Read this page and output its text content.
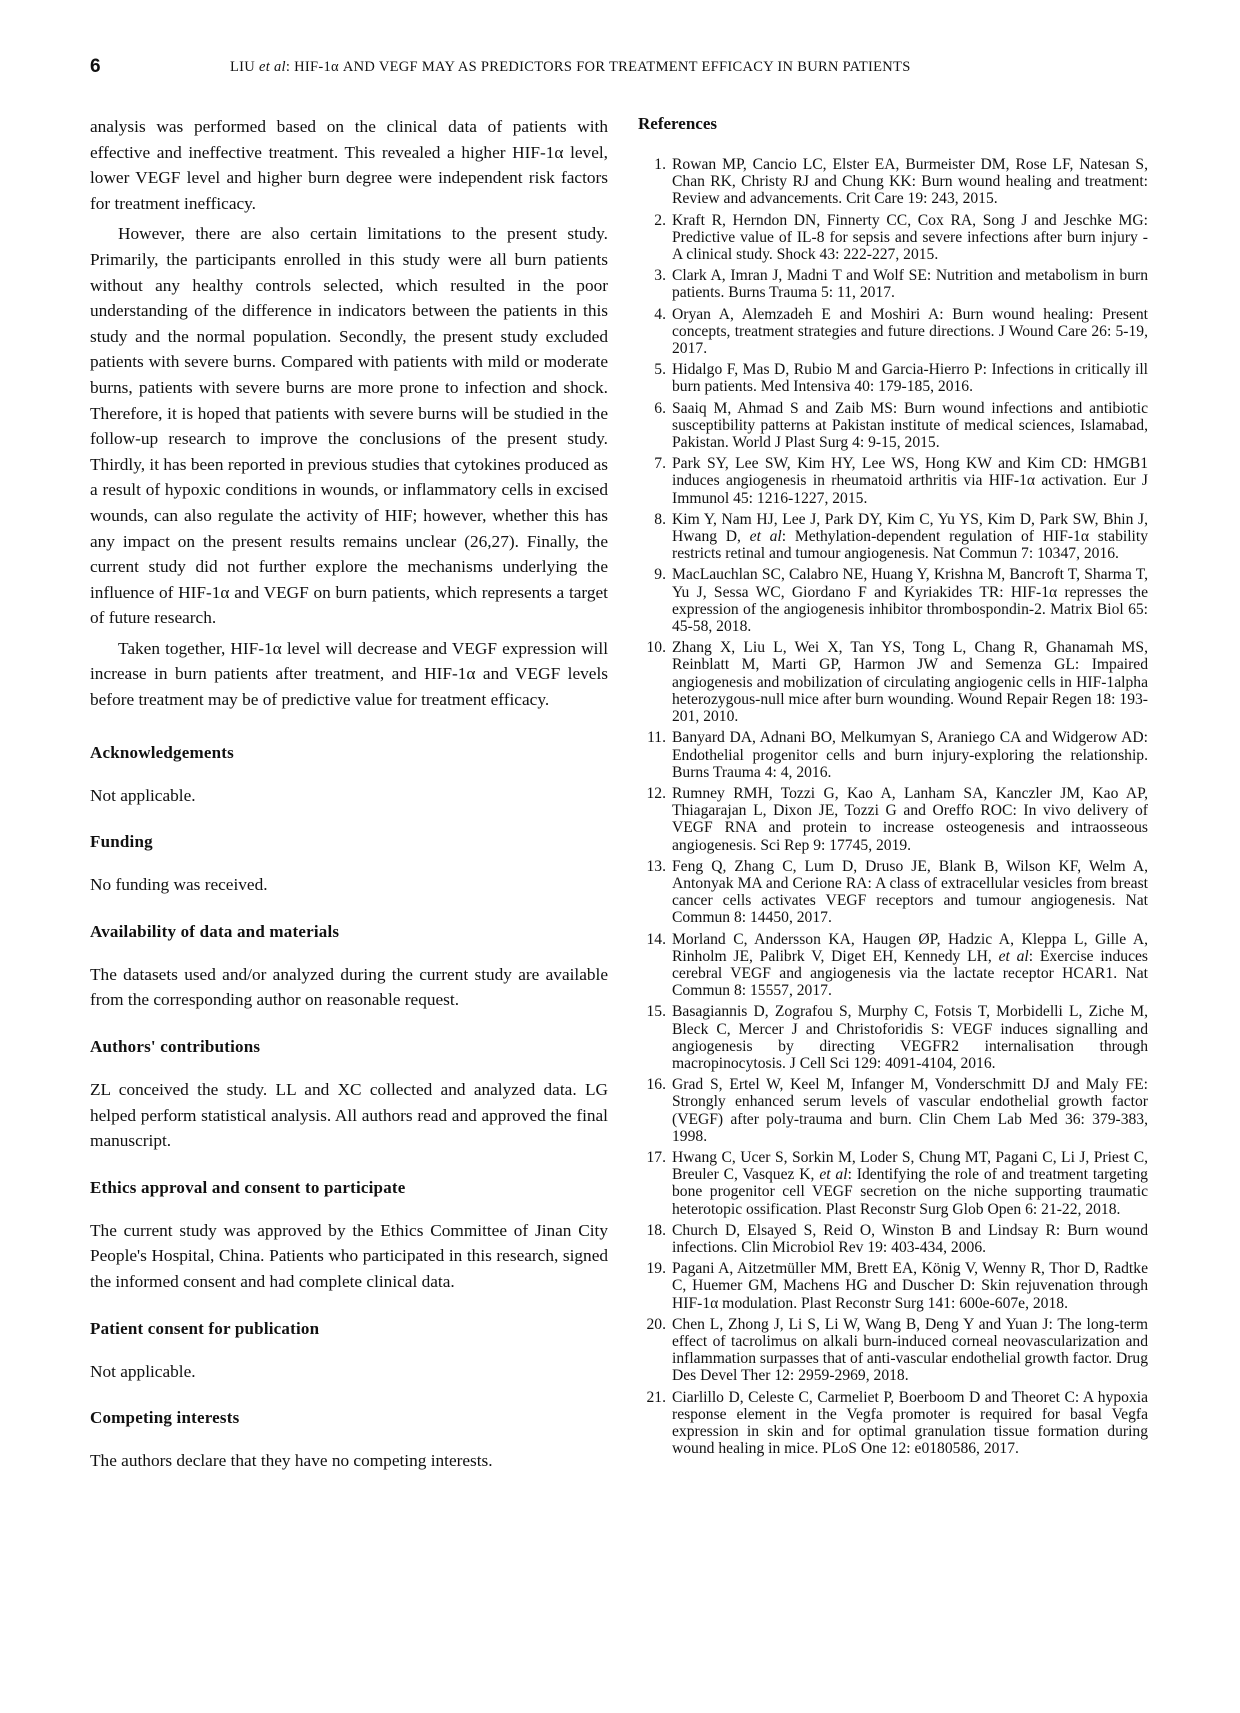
6	LIU et al: HIF-1α AND VEGF MAY AS PREDICTORS FOR TREATMENT EFFICACY IN BURN PATIENTS

analysis was performed based on the clinical data of patients with effective and ineffective treatment. This revealed a higher HIF-1α level, lower VEGF level and higher burn degree were independent risk factors for treatment inefficacy.

However, there are also certain limitations to the present study. Primarily, the participants enrolled in this study were all burn patients without any healthy controls selected, which resulted in the poor understanding of the difference in indicators between the patients in this study and the normal population. Secondly, the present study excluded patients with severe burns. Compared with patients with mild or moderate burns, patients with severe burns are more prone to infection and shock. Therefore, it is hoped that patients with severe burns will be studied in the follow-up research to improve the conclusions of the present study. Thirdly, it has been reported in previous studies that cytokines produced as a result of hypoxic conditions in wounds, or inflammatory cells in excised wounds, can also regulate the activity of HIF; however, whether this has any impact on the present results remains unclear (26,27). Finally, the current study did not further explore the mechanisms underlying the influence of HIF-1α and VEGF on burn patients, which represents a target of future research.

Taken together, HIF-1α level will decrease and VEGF expression will increase in burn patients after treatment, and HIF-1α and VEGF levels before treatment may be of predictive value for treatment efficacy.

Acknowledgements

Not applicable.

Funding

No funding was received.

Availability of data and materials

The datasets used and/or analyzed during the current study are available from the corresponding author on reasonable request.

Authors' contributions

ZL conceived the study. LL and XC collected and analyzed data. LG helped perform statistical analysis. All authors read and approved the final manuscript.

Ethics approval and consent to participate

The current study was approved by the Ethics Committee of Jinan City People's Hospital, China. Patients who participated in this research, signed the informed consent and had complete clinical data.

Patient consent for publication

Not applicable.

Competing interests

The authors declare that they have no competing interests.

References

1. Rowan MP, Cancio LC, Elster EA, Burmeister DM, Rose LF, Natesan S, Chan RK, Christy RJ and Chung KK: Burn wound healing and treatment: Review and advancements. Crit Care 19: 243, 2015.
2. Kraft R, Herndon DN, Finnerty CC, Cox RA, Song J and Jeschke MG: Predictive value of IL-8 for sepsis and severe infections after burn injury - A clinical study. Shock 43: 222-227, 2015.
3. Clark A, Imran J, Madni T and Wolf SE: Nutrition and metabolism in burn patients. Burns Trauma 5: 11, 2017.
4. Oryan A, Alemzadeh E and Moshiri A: Burn wound healing: Present concepts, treatment strategies and future directions. J Wound Care 26: 5-19, 2017.
5. Hidalgo F, Mas D, Rubio M and Garcia-Hierro P: Infections in critically ill burn patients. Med Intensiva 40: 179-185, 2016.
6. Saaiq M, Ahmad S and Zaib MS: Burn wound infections and antibiotic susceptibility patterns at Pakistan institute of medical sciences, Islamabad, Pakistan. World J Plast Surg 4: 9-15, 2015.
7. Park SY, Lee SW, Kim HY, Lee WS, Hong KW and Kim CD: HMGB1 induces angiogenesis in rheumatoid arthritis via HIF-1α activation. Eur J Immunol 45: 1216-1227, 2015.
8. Kim Y, Nam HJ, Lee J, Park DY, Kim C, Yu YS, Kim D, Park SW, Bhin J, Hwang D, et al: Methylation-dependent regulation of HIF-1α stability restricts retinal and tumour angiogenesis. Nat Commun 7: 10347, 2016.
9. MacLauchlan SC, Calabro NE, Huang Y, Krishna M, Bancroft T, Sharma T, Yu J, Sessa WC, Giordano F and Kyriakides TR: HIF-1α represses the expression of the angiogenesis inhibitor thrombospondin-2. Matrix Biol 65: 45-58, 2018.
10. Zhang X, Liu L, Wei X, Tan YS, Tong L, Chang R, Ghanamah MS, Reinblatt M, Marti GP, Harmon JW and Semenza GL: Impaired angiogenesis and mobilization of circulating angiogenic cells in HIF-1alpha heterozygous-null mice after burn wounding. Wound Repair Regen 18: 193-201, 2010.
11. Banyard DA, Adnani BO, Melkumyan S, Araniego CA and Widgerow AD: Endothelial progenitor cells and burn injury-exploring the relationship. Burns Trauma 4: 4, 2016.
12. Rumney RMH, Tozzi G, Kao A, Lanham SA, Kanczler JM, Kao AP, Thiagarajan L, Dixon JE, Tozzi G and Oreffo ROC: In vivo delivery of VEGF RNA and protein to increase osteogenesis and intraosseous angiogenesis. Sci Rep 9: 17745, 2019.
13. Feng Q, Zhang C, Lum D, Druso JE, Blank B, Wilson KF, Welm A, Antonyak MA and Cerione RA: A class of extracellular vesicles from breast cancer cells activates VEGF receptors and tumour angiogenesis. Nat Commun 8: 14450, 2017.
14. Morland C, Andersson KA, Haugen ØP, Hadzic A, Kleppa L, Gille A, Rinholm JE, Palibrk V, Diget EH, Kennedy LH, et al: Exercise induces cerebral VEGF and angiogenesis via the lactate receptor HCAR1. Nat Commun 8: 15557, 2017.
15. Basagiannis D, Zografou S, Murphy C, Fotsis T, Morbidelli L, Ziche M, Bleck C, Mercer J and Christoforidis S: VEGF induces signalling and angiogenesis by directing VEGFR2 internalisation through macropinocytosis. J Cell Sci 129: 4091-4104, 2016.
16. Grad S, Ertel W, Keel M, Infanger M, Vonderschmitt DJ and Maly FE: Strongly enhanced serum levels of vascular endothelial growth factor (VEGF) after poly-trauma and burn. Clin Chem Lab Med 36: 379-383, 1998.
17. Hwang C, Ucer S, Sorkin M, Loder S, Chung MT, Pagani C, Li J, Priest C, Breuler C, Vasquez K, et al: Identifying the role of and treatment targeting bone progenitor cell VEGF secretion on the niche supporting traumatic heterotopic ossification. Plast Reconstr Surg Glob Open 6: 21-22, 2018.
18. Church D, Elsayed S, Reid O, Winston B and Lindsay R: Burn wound infections. Clin Microbiol Rev 19: 403-434, 2006.
19. Pagani A, Aitzetmüller MM, Brett EA, König V, Wenny R, Thor D, Radtke C, Huemer GM, Machens HG and Duscher D: Skin rejuvenation through HIF-1α modulation. Plast Reconstr Surg 141: 600e-607e, 2018.
20. Chen L, Zhong J, Li S, Li W, Wang B, Deng Y and Yuan J: The long-term effect of tacrolimus on alkali burn-induced corneal neovascularization and inflammation surpasses that of anti-vascular endothelial growth factor. Drug Des Devel Ther 12: 2959-2969, 2018.
21. Ciarlillo D, Celeste C, Carmeliet P, Boerboom D and Theoret C: A hypoxia response element in the Vegfa promoter is required for basal Vegfa expression in skin and for optimal granulation tissue formation during wound healing in mice. PLoS One 12: e0180586, 2017.
